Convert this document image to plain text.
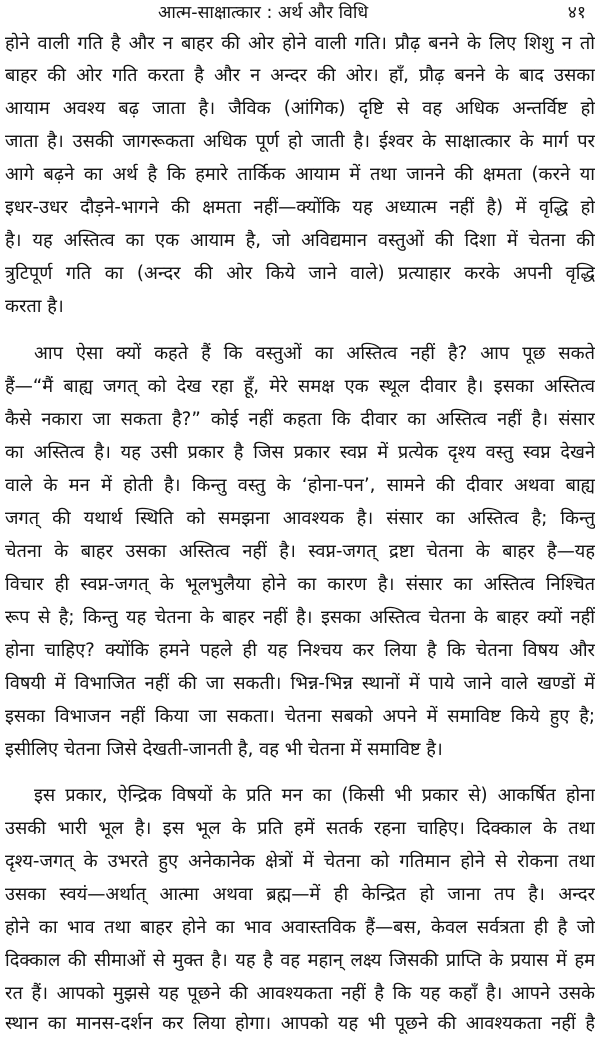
आत्म-साक्षात्कार : अर्थ और विधि	४१
होने वाली गति है और न बाहर की ओर होने वाली गति। प्रौढ़ बनने के लिए शिशु न तो
बाहर की ओर गति करता है और न अन्दर की ओर। हाँ, प्रौढ़ बनने के बाद उसका
आयाम अवश्य बढ़ जाता है। जैविक (आंगिक) दृष्टि से वह अधिक अन्तर्विष्ट हो
जाता है। उसकी जागरूकता अधिक पूर्ण हो जाती है। ईश्वर के साक्षात्कार के मार्ग पर
आगे बढ़ने का अर्थ है कि हमारे तार्किक आयाम में तथा जानने की क्षमता (करने या
इधर-उधर दौड़ने-भागने की क्षमता नहीं—क्योंकि यह अध्यात्म नहीं है) में वृद्धि हो
है। यह अस्तित्व का एक आयाम है, जो अविद्यमान वस्तुओं की दिशा में चेतना की
त्रुटिपूर्ण गति का (अन्दर की ओर किये जाने वाले) प्रत्याहार करके अपनी वृद्धि
करता है।
आप ऐसा क्यों कहते हैं कि वस्तुओं का अस्तित्व नहीं है? आप पूछ सकते
हैं—“मैं बाह्य जगत् को देख रहा हूँ, मेरे समक्ष एक स्थूल दीवार है। इसका अस्तित्व
कैसे नकारा जा सकता है?” कोई नहीं कहता कि दीवार का अस्तित्व नहीं है। संसार
का अस्तित्व है। यह उसी प्रकार है जिस प्रकार स्वप्न में प्रत्येक दृश्य वस्तु स्वप्न देखने
वाले के मन में होती है। किन्तु वस्तु के ‘होना-पन’, सामने की दीवार अथवा बाह्य
जगत् की यथार्थ स्थिति को समझना आवश्यक है। संसार का अस्तित्व है; किन्तु
चेतना के बाहर उसका अस्तित्व नहीं है। स्वप्न-जगत् द्रष्टा चेतना के बाहर है—यह
विचार ही स्वप्न-जगत् के भूलभुलैया होने का कारण है। संसार का अस्तित्व निश्चित
रूप से है; किन्तु यह चेतना के बाहर नहीं है। इसका अस्तित्व चेतना के बाहर क्यों नहीं
होना चाहिए? क्योंकि हमने पहले ही यह निश्चय कर लिया है कि चेतना विषय और
विषयी में विभाजित नहीं की जा सकती। भिन्न-भिन्न स्थानों में पाये जाने वाले खण्डों में
इसका विभाजन नहीं किया जा सकता। चेतना सबको अपने में समाविष्ट किये हुए है;
इसीलिए चेतना जिसे देखती-जानती है, वह भी चेतना में समाविष्ट है।
इस प्रकार, ऐन्द्रिक विषयों के प्रति मन का (किसी भी प्रकार से) आकर्षित होना
उसकी भारी भूल है। इस भूल के प्रति हमें सतर्क रहना चाहिए। दिक्काल के तथा
दृश्य-जगत् के उभरते हुए अनेकानेक क्षेत्रों में चेतना को गतिमान होने से रोकना तथा
उसका स्वयं—अर्थात् आत्मा अथवा ब्रह्म—में ही केन्द्रित हो जाना तप है। अन्दर
होने का भाव तथा बाहर होने का भाव अवास्तविक हैं—बस, केवल सर्वत्रता ही है जो
दिक्काल की सीमाओं से मुक्त है। यह है वह महान् लक्ष्य जिसकी प्राप्ति के प्रयास में हम
रत हैं। आपको मुझसे यह पूछने की आवश्यकता नहीं है कि यह कहाँ है। आपने उसके
स्थान का मानस-दर्शन कर लिया होगा। आपको यह भी पूछने की आवश्यकता नहीं है
